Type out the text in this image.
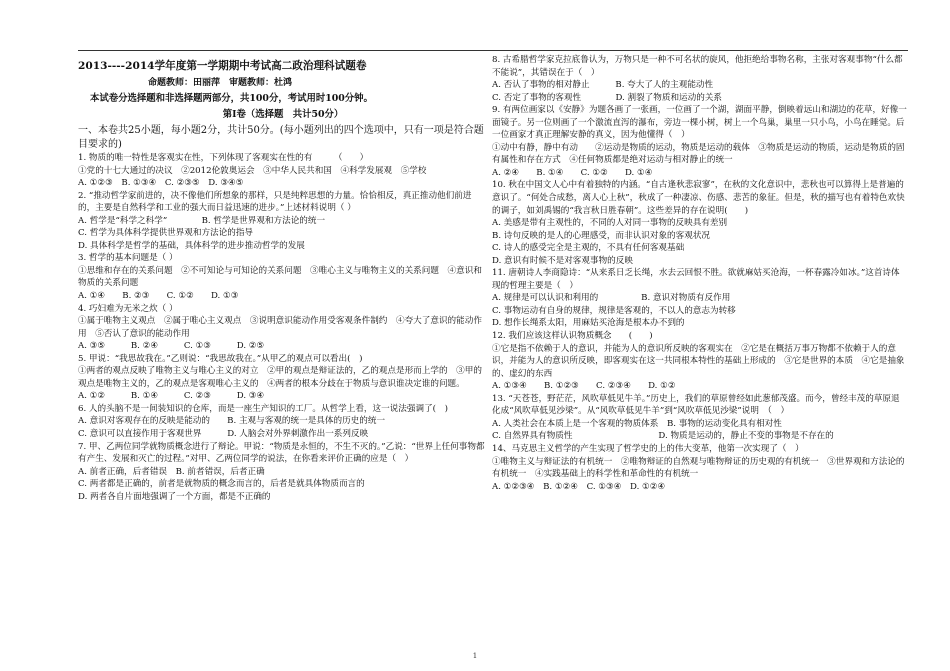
2013----2014学年度第一学期期中考试高二政治理科试题卷

命题教师：田丽萍　审题教师：杜鸿

本试卷分选择题和非选择题两部分，共100分，考试用时100分钟。

第Ⅰ卷（选择题　共计50分）

一、本卷共25小题，每小题2分，共计50分。(每小题列出的四个选项中，只有一项是符合题目要求的)

1. 物质的唯一特性是客观实在性，下列体现了客观实在性的有　　　（　　）

①党的十七大通过的决议　②2012伦敦奥运会　③中华人民共和国　④科学发展观　⑤学校

A. ①②③　B. ①③④　C. ②③⑤　D. ③④⑤

2. “推动哲学家前进的，决不像他们所想象的那样，只是纯粹思想的力量。恰恰相反，真正推动他们前进的，主要是自然科学和工业的强大而日益迅速的进步。”上述材料说明（ ）

A. 哲学是“科学之科学”　　　　B. 哲学是世界观和方法论的统一

C. 哲学为具体科学提供世界观和方法论的指导

D. 具体科学是哲学的基础，具体科学的进步推动哲学的发展

3. 哲学的基本问题是（ ）

①思维和存在的关系问题　②不可知论与可知论的关系问题　③唯心主义与唯物主义的关系问题　④意识和物质的关系问题

A. ①④　　B. ②③　　C. ①②　　D. ①③

4. 巧妇难为无米之炊（ ）

①属于唯物主义观点　②属于唯心主义观点　③说明意识能动作用受客观条件制约　④夸大了意识的能动作用　⑤否认了意识的能动作用

A. ③⑤　　　B. ②④　　　C. ①③　　　D. ②⑤

5. 甲说：“我思故我在。”乙则说：“我思故我在。”从甲乙的观点可以看出(　)

①两者的观点反映了唯物主义与唯心主义的对立　②甲的观点是辩证法的，乙的观点是形而上学的　③甲的观点是唯物主义的，乙的观点是客观唯心主义的　④两者的根本分歧在于物质与意识谁决定谁的问题。

A. ①②　　　B. ①④　　　C. ②③　　　D. ③④

6. 人的头脑不是一间装知识的仓库，而是一座生产知识的工厂。从哲学上看，这一说法强调了(　)

A. 意识对客观存在的反映是能动的　　B. 主观与客观的统一是具体的历史的统一

C. 意识可以直接作用于客观世界　　　D. 人脑会对外界刺激作出一系列反映

7. 甲、乙两位同学就物质概念进行了辩论。甲说：“物质是永恒的，不生不灭的。”乙说：“世界上任何事物都有产生、发展和灭亡的过程。”对甲、乙两位同学的说法，在你看来评价正确的应是（　）

A. 前者正确，后者错误　B. 前者错误，后者正确

C. 两者都是正确的，前者是就物质的概念而言的，后者是就具体物质而言的

D. 两者各自片面地强调了一个方面，都是不正确的

8. 古希腊哲学家克拉底鲁认为，万物只是一种不可名状的旋风，他拒绝给事物名称，主张对客观事物“什么都不能说”，其错误在于（　）

A. 否认了事物的相对静止　　　B. 夸大了人的主观能动性

C. 否定了事物的客观性　　　　D. 割裂了物质和运动的关系

9. 有两位画家以《安静》为题各画了一张画，一位画了一个湖，湖面平静，倒映着远山和湖边的花草，好像一面镜子。另一位则画了一个激流直泻的瀑布，旁边一棵小树，树上一个鸟巢，巢里一只小鸟，小鸟在睡觉。后一位画家才真正理解安静的真义，因为他懂得（　）

①动中有静，静中有动　　②运动是物质的运动，物质是运动的载体　③物质是运动的物质，运动是物质的固有属性和存在方式　④任何物质都是绝对运动与相对静止的统一

A. ②④　　B. ①④　　C. ①②　　D. ①④

10. 秋在中国文人心中有着独特的内涵。“自古逢秋悲寂寥”，在秋的文化意识中，悲秋也可以算得上是普遍的意识了。“何处合成愁，离人心上秋”，秋成了一种凄凉、伤感、悲苦的象征。但是，秋的描写也有着特色欢快的调子，如刘禹锡的“我言秋日胜春朝”。这些差异的存在说明(　　)

A. 美感是带有主观性的，不同的人对同一事物的反映具有差别

B. 诗句反映的是人的心理感受，而非认识对象的客观状况

C. 诗人的感受完全是主观的，不具有任何客观基础

D. 意识有时候不是对客观事物的反映

11. 唐朝诗人李商隐诗：“从来系日乏长绳，水去云回恨不胜。欲就麻姑买沧海，一杯春露冷如冰。”这首诗体现的哲理主要是（　）

A. 规律是可以认识和利用的　　　　　B. 意识对物质有反作用

C. 事物运动有自身的规律，规律是客观的，不以人的意志为转移

D. 想作长绳系太阳，用麻姑买沧海是根本办不到的

12. 我们应该这样认识物质概念　　(　　)

①它是指不依赖于人的意识，并能为人的意识所反映的客观实在　②它是在概括万事万物都不依赖于人的意识，并能为人的意识所反映，即客观实在这一共同根本特性的基础上形成的　③它是世界的本质　④它是抽象的、虚幻的东西

A. ①③④　　B. ①②③　　C. ②③④　　D. ①②

13. “天苍苍，野茫茫，风吹草低见牛羊。”历史上，我们的草原曾经如此葱郁茂盛。而今，曾经丰茂的草原退化成“风吹草低见沙梁”。从“风吹草低见牛羊”到“风吹草低见沙梁”说明　（　）

A. 人类社会在本质上是一个客观的物质体系　B. 事物的运动变化具有相对性

C. 自然界具有物质性　　　　　　　　　　D. 物质是运动的，静止不变的事物是不存在的

14、马克思主义哲学的产生实现了哲学史的上的伟大变革，他第一次实现了（　）

①唯物主义与辩证法的有机统一　②唯物辩证的自然观与唯物辩证的历史观的有机统一　③世界观和方法论的有机统一　④实践基础上的科学性和革命性的有机统一

A. ①②③④　B. ①②④　C. ①③④　D. ①②④

1
